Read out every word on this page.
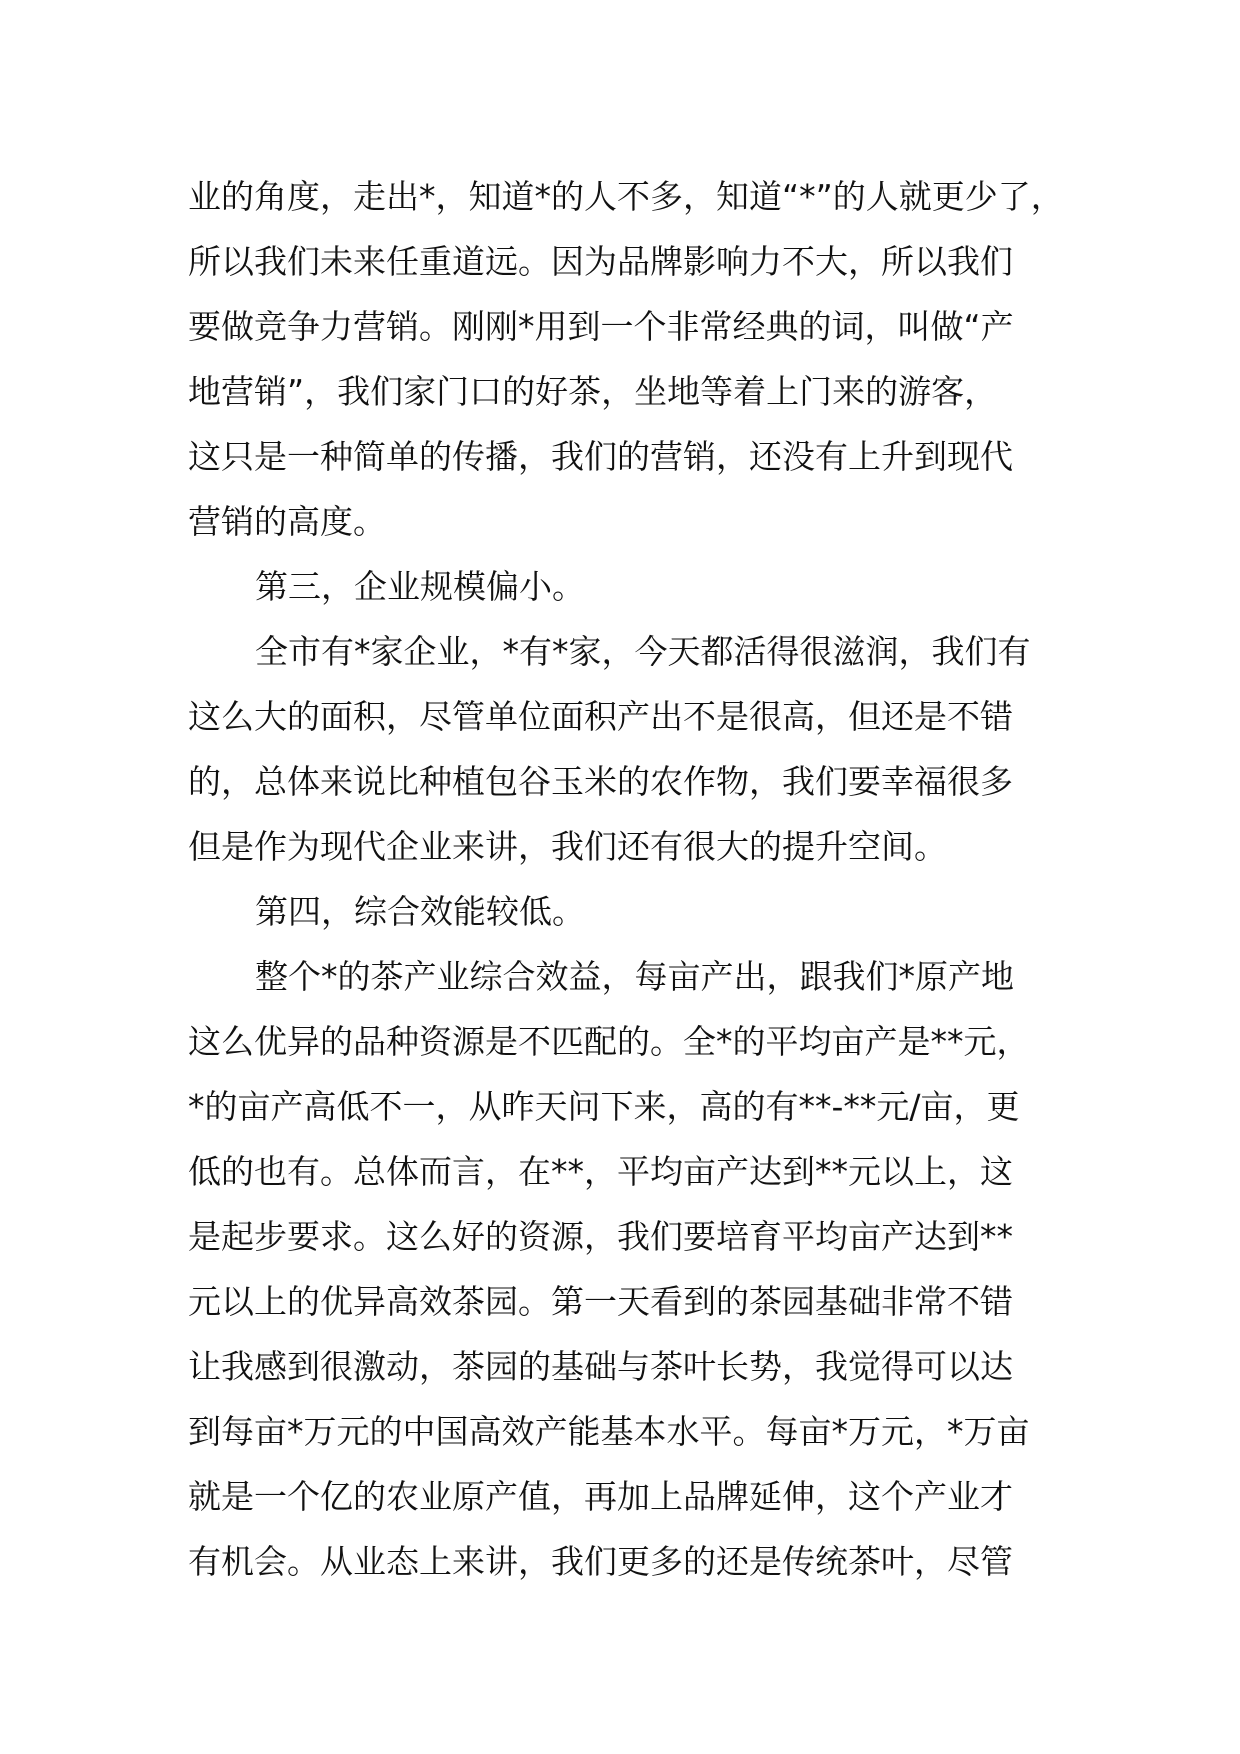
业的角度，走出*，知道*的人不多，知道“*”的人就更少了，
所以我们未来任重道远。因为品牌影响力不大，所以我们
要做竞争力营销。刚刚*用到一个非常经典的词，叫做“产
地营销”，我们家门口的好茶，坐地等着上门来的游客，
这只是一种简单的传播，我们的营销，还没有上升到现代
营销的高度。
第三，企业规模偏小。
全市有*家企业，*有*家，今天都活得很滋润，我们有
这么大的面积，尽管单位面积产出不是很高，但还是不错
的，总体来说比种植包谷玉米的农作物，我们要幸福很多
但是作为现代企业来讲，我们还有很大的提升空间。
第四，综合效能较低。
整个*的茶产业综合效益，每亩产出，跟我们*原产地
这么优异的品种资源是不匹配的。全*的平均亩产是**元，
*的亩产高低不一，从昨天问下来，高的有**-**元/亩，更
低的也有。总体而言，在**，平均亩产达到**元以上，这
是起步要求。这么好的资源，我们要培育平均亩产达到**
元以上的优异高效茶园。第一天看到的茶园基础非常不错
让我感到很激动，茶园的基础与茶叶长势，我觉得可以达
到每亩*万元的中国高效产能基本水平。每亩*万元，*万亩
就是一个亿的农业原产值，再加上品牌延伸，这个产业才
有机会。从业态上来讲，我们更多的还是传统茶叶，尽管
